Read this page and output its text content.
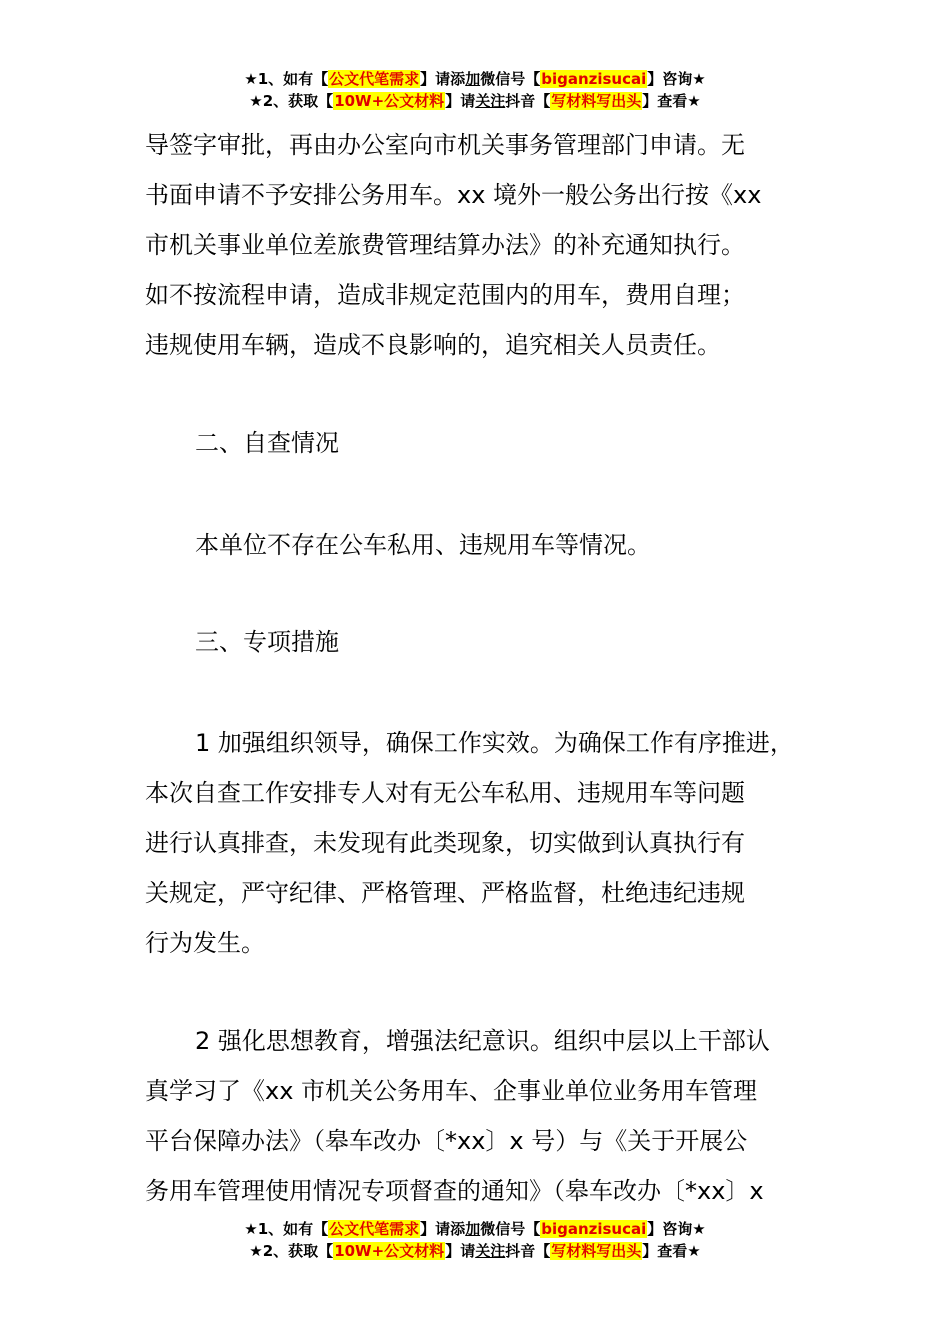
★1、如有【公文代笔需求】请添加微信号【biganzisucai】咨询★
★2、获取【10W+公文材料】请关注抖音【写材料写出头】查看★
导签字审批，再由办公室向市机关事务管理部门申请。无
书面申请不予安排公务用车。xx 境外一般公务出行按《xx
市机关事业单位差旅费管理结算办法》的补充通知执行。
如不按流程申请，造成非规定范围内的用车，费用自理；
违规使用车辆，造成不良影响的，追究相关人员责任。
二、自查情况
本单位不存在公车私用、违规用车等情况。
三、专项措施
1 加强组织领导，确保工作实效。为确保工作有序推进，
本次自查工作安排专人对有无公车私用、违规用车等问题
进行认真排查，未发现有此类现象，切实做到认真执行有
关规定，严守纪律、严格管理、严格监督，杜绝违纪违规
行为发生。
2 强化思想教育，增强法纪意识。组织中层以上干部认
真学习了《xx 市机关公务用车、企事业单位业务用车管理
平台保障办法》（皋车改办〔*xx〕x 号）与《关于开展公
务用车管理使用情况专项督查的通知》（皋车改办〔*xx〕x
★1、如有【公文代笔需求】请添加微信号【biganzisucai】咨询★
★2、获取【10W+公文材料】请关注抖音【写材料写出头】查看★
